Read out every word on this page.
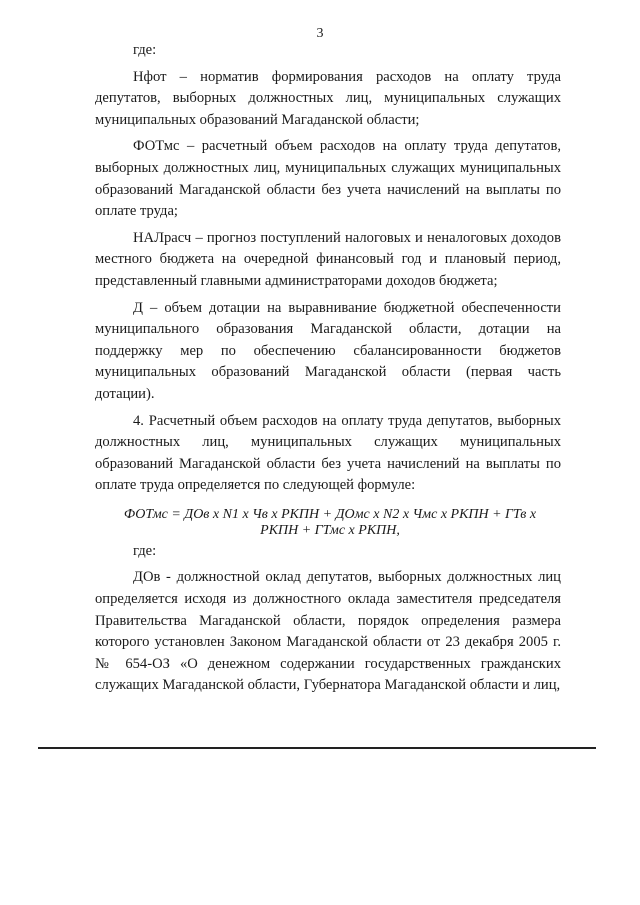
3

где:

Нфот – норматив формирования расходов на оплату труда депутатов, выборных должностных лиц, муниципальных служащих муниципальных образований Магаданской области;

ФОТмс – расчетный объем расходов на оплату труда депутатов, выборных должностных лиц, муниципальных служащих муниципальных образований Магаданской области без учета начислений на выплаты по оплате труда;

НАЛрасч – прогноз поступлений налоговых и неналоговых доходов местного бюджета на очередной финансовый год и плановый период, представленный главными администраторами доходов бюджета;

Д – объем дотации на выравнивание бюджетной обеспеченности муниципального образования Магаданской области, дотации на поддержку мер по обеспечению сбалансированности бюджетов муниципальных образований Магаданской области (первая часть дотации).

4. Расчетный объем расходов на оплату труда депутатов, выборных должностных лиц, муниципальных служащих муниципальных образований Магаданской области без учета начислений на выплаты по оплате труда определяется по следующей формуле:

ФОТмс = ДОв х N1 х Чв х РКПН + ДОмс х N2 х Чмс х РКПН + ГТв х
РКПН + ГТмс х РКПН,

где:

ДОв - должностной оклад депутатов, выборных должностных лиц определяется исходя из должностного оклада заместителя председателя Правительства Магаданской области, порядок определения размера которого установлен Законом Магаданской области от 23 декабря 2005 г. № 654-ОЗ «О денежном содержании государственных гражданских служащих Магаданской области, Губернатора Магаданской области и лиц,
